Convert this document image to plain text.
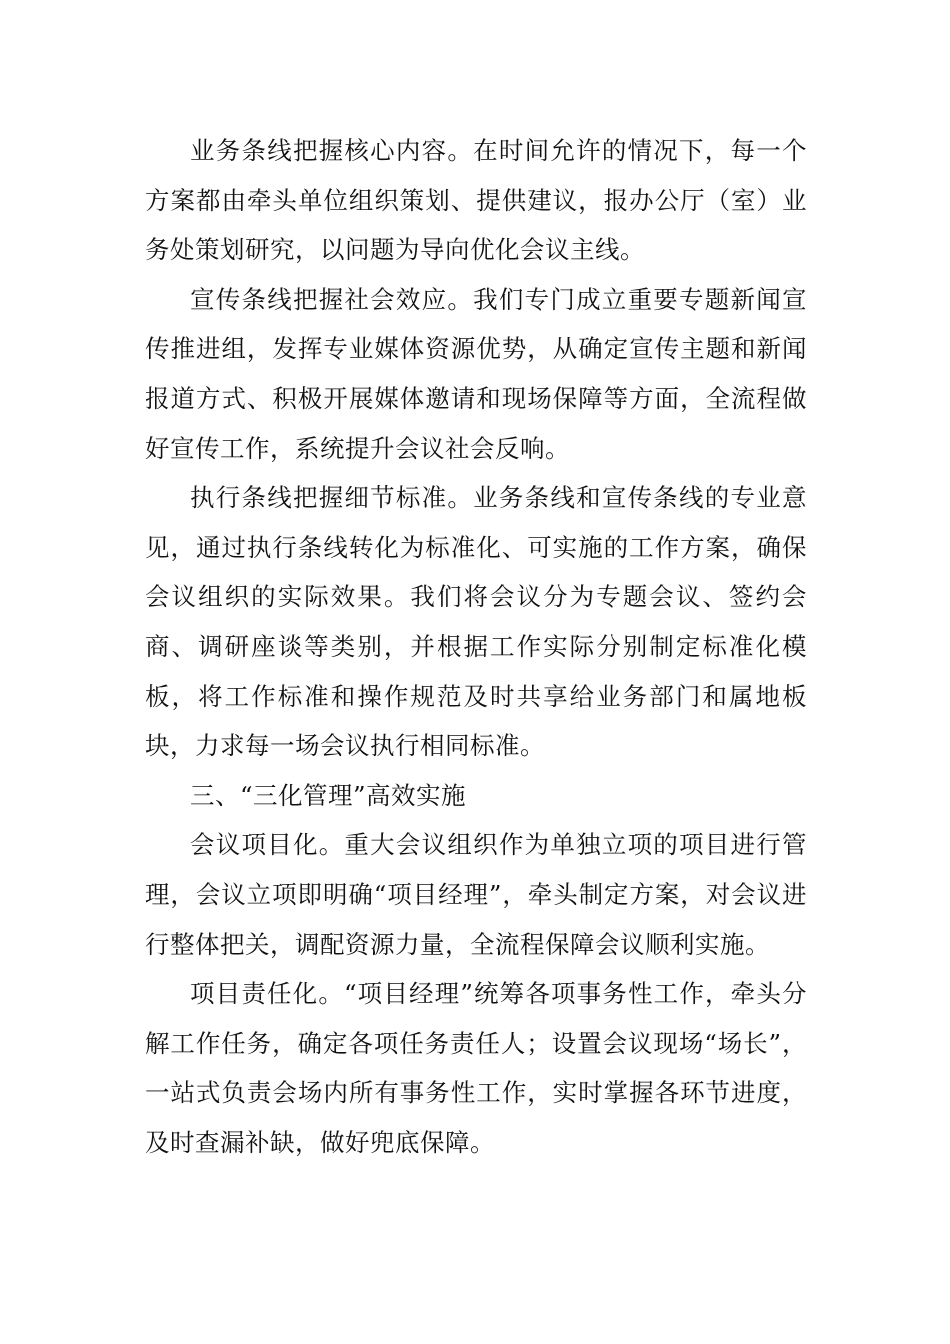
业务条线把握核心内容。在时间允许的情况下，每一个方案都由牵头单位组织策划、提供建议，报办公厅（室）业务处策划研究，以问题为导向优化会议主线。

宣传条线把握社会效应。我们专门成立重要专题新闻宣传推进组，发挥专业媒体资源优势，从确定宣传主题和新闻报道方式、积极开展媒体邀请和现场保障等方面，全流程做好宣传工作，系统提升会议社会反响。

执行条线把握细节标准。业务条线和宣传条线的专业意见，通过执行条线转化为标准化、可实施的工作方案，确保会议组织的实际效果。我们将会议分为专题会议、签约会商、调研座谈等类别，并根据工作实际分别制定标准化模板，将工作标准和操作规范及时共享给业务部门和属地板块，力求每一场会议执行相同标准。

三、“三化管理”高效实施

会议项目化。重大会议组织作为单独立项的项目进行管理，会议立项即明确“项目经理”，牵头制定方案，对会议进行整体把关，调配资源力量，全流程保障会议顺利实施。

项目责任化。“项目经理”统筹各项事务性工作，牵头分解工作任务，确定各项任务责任人；设置会议现场“场长”，一站式负责会场内所有事务性工作，实时掌握各环节进度，及时查漏补缺，做好兜底保障。
